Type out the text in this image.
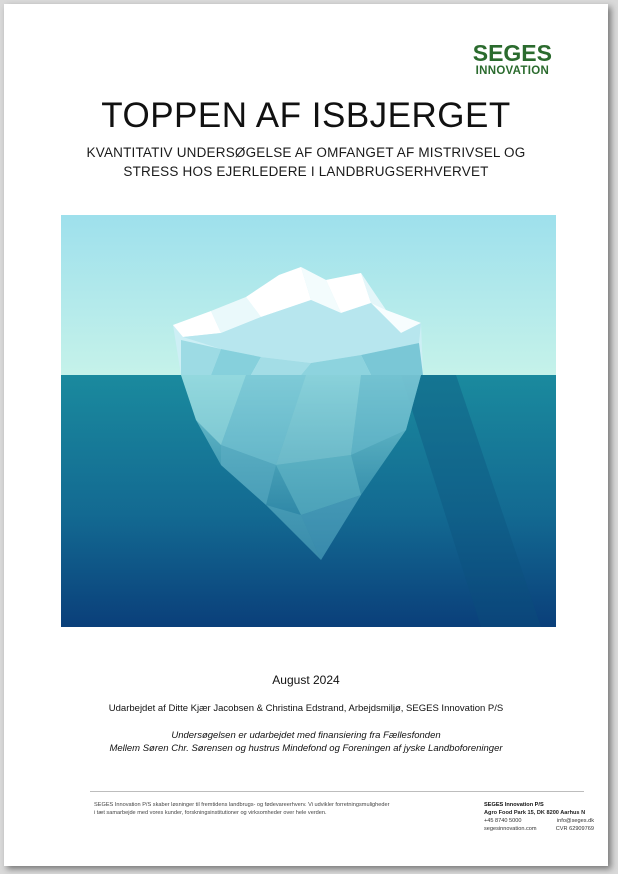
SEGES
INNOVATION
TOPPEN AF ISBJERGET
KVANTITATIV UNDERSØGELSE AF OMFANGET AF MISTRIVSEL OG
STRESS HOS EJERLEDERE I LANDBRUGSERHVERVET
August 2024
Udarbejdet af Ditte Kjær Jacobsen & Christina Edstrand, Arbejdsmiljø, SEGES Innovation P/S
Undersøgelsen er udarbejdet med finansiering fra Fællesfonden
Mellem Søren Chr. Sørensen og hustrus Mindefond og Foreningen af jyske Landboforeninger
SEGES Innovation P/S skaber løsninger til fremtidens landbrugs- og fødevareerhverv. Vi udvikler forretningsmuligheder
i tæt samarbejde med vores kunder, forskningsinstitutioner og virksomheder over hele verden.
SEGES Innovation P/S
Agro Food Park 15, DK 8200 Aarhus N
+45 8740 5000	info@seges.dk
segesinnovation.com	CVR 62909769
